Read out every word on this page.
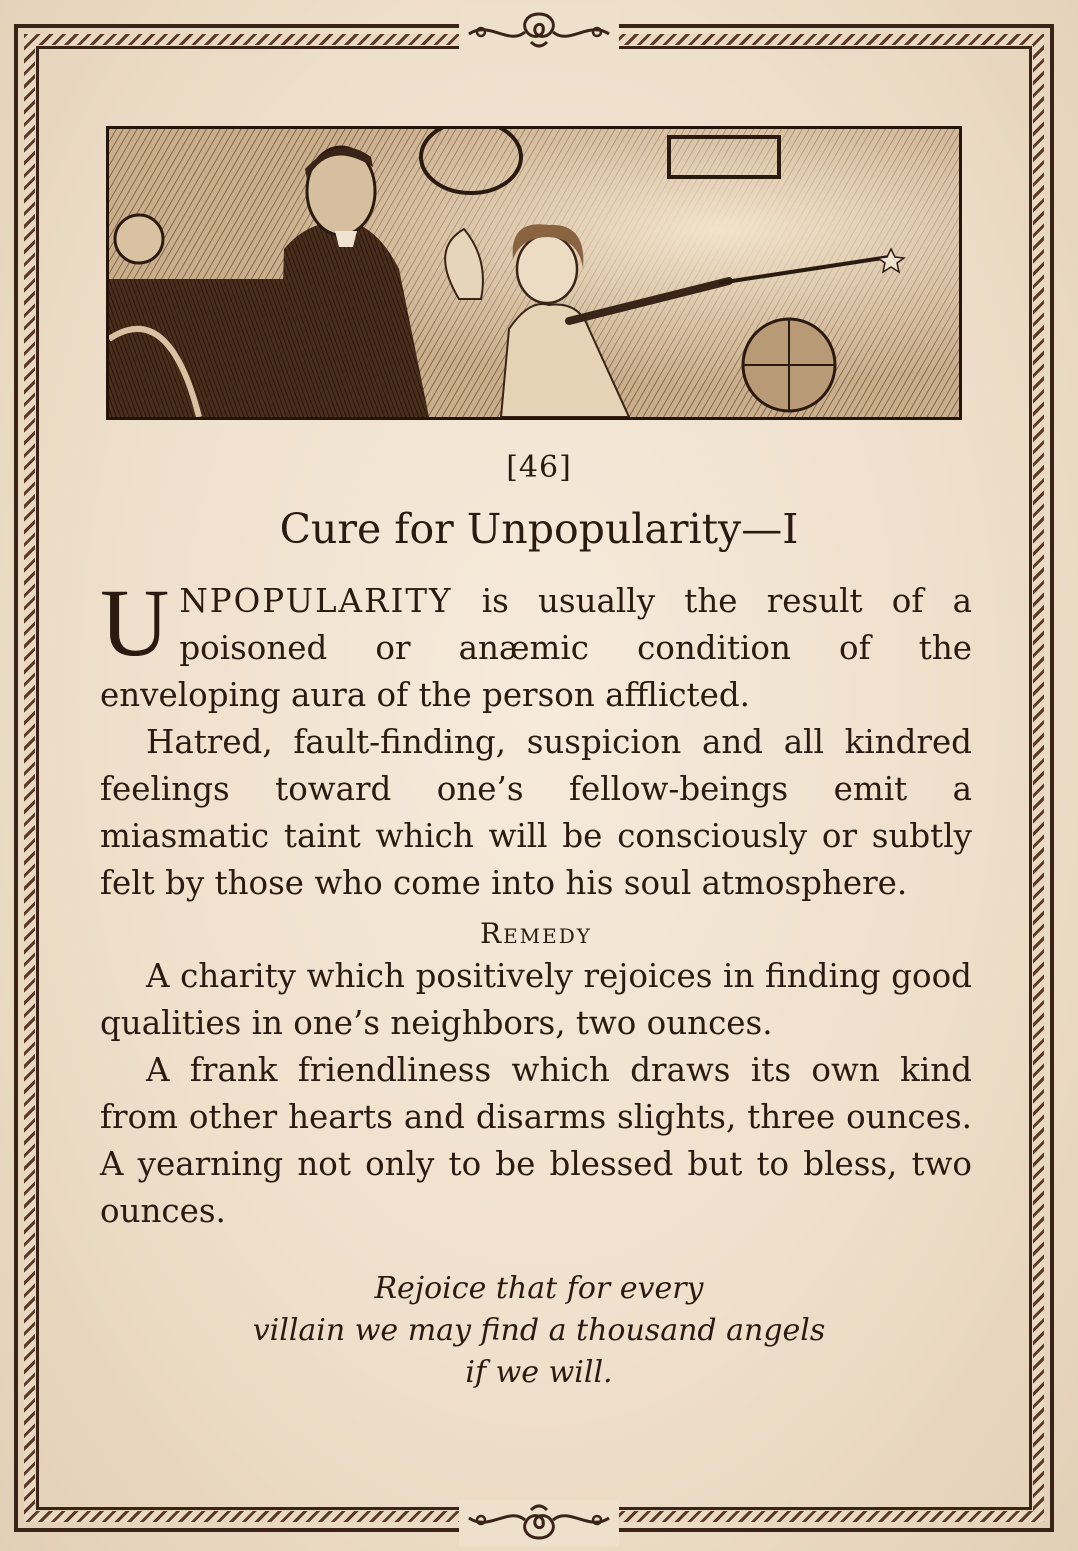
[46]
Cure for Unpopularity—I

UNPOPULARITY is usually the result of a poisoned or anæmic condition of the enveloping aura of the person afflicted.

Hatred, fault-finding, suspicion and all kindred feelings toward one’s fellow-beings emit a miasmatic taint which will be consciously or subtly felt by those who come into his soul atmosphere.

Remedy

A charity which positively rejoices in finding good qualities in one’s neighbors, two ounces.

A frank friendliness which draws its own kind from other hearts and disarms slights, three ounces. A yearning not only to be blessed but to bless, two ounces.

Rejoice that for every
villain we may find a thousand angels
if we will.
